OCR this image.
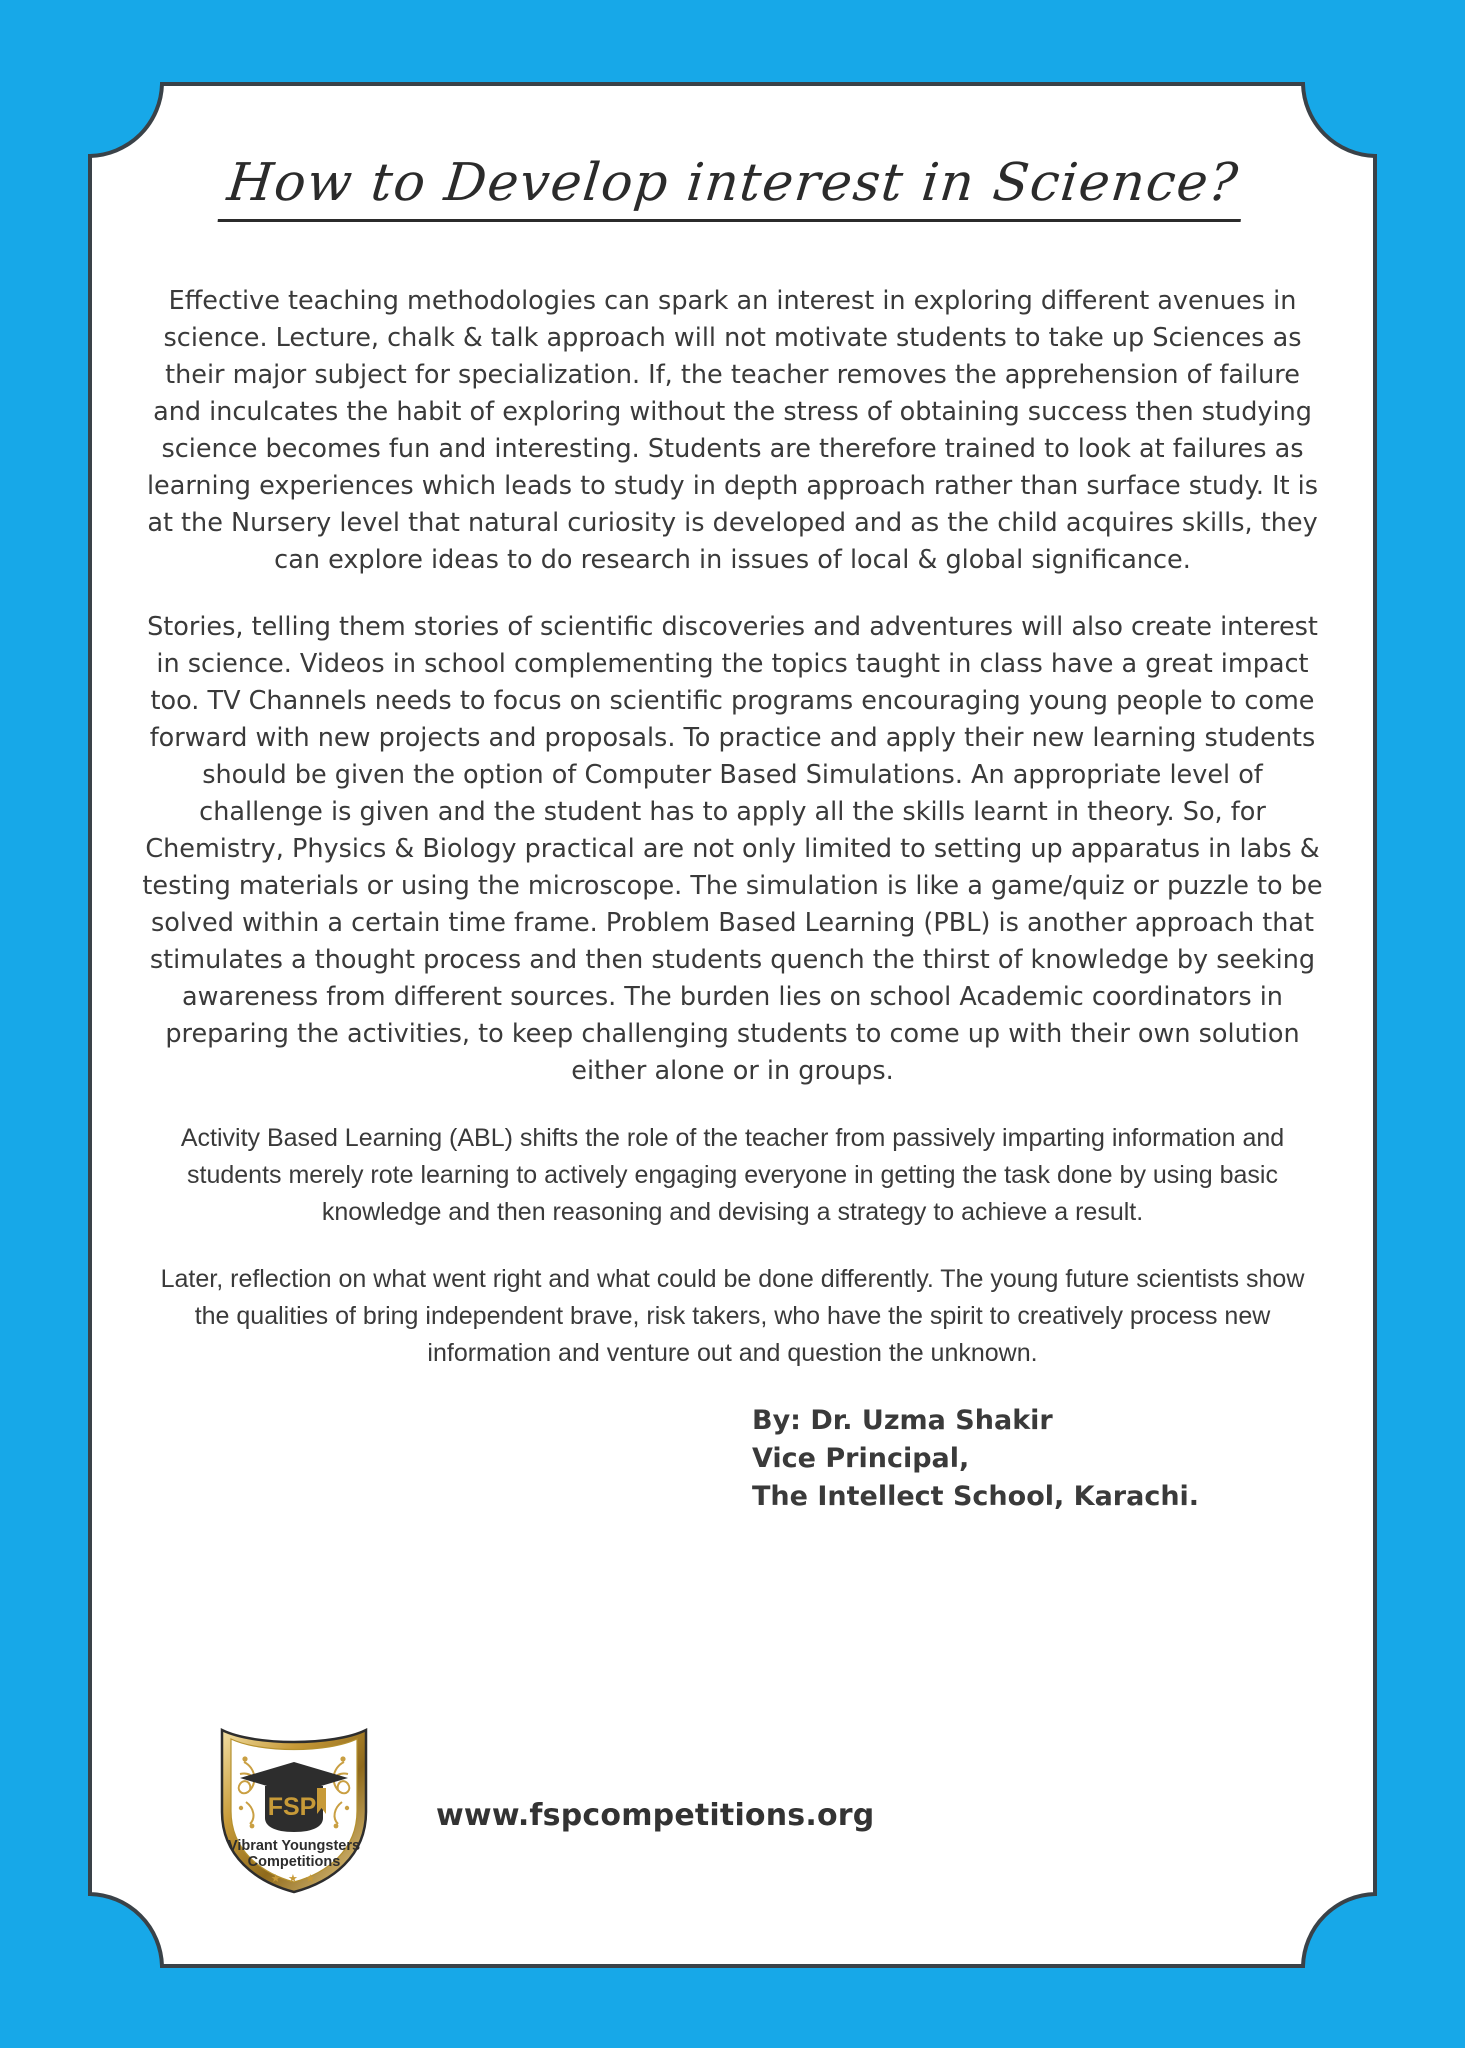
How to Develop interest in Science?

Effective teaching methodologies can spark an interest in exploring different avenues in science. Lecture, chalk & talk approach will not motivate students to take up Sciences as their major subject for specialization. If, the teacher removes the apprehension of failure and inculcates the habit of exploring without the stress of obtaining success then studying science becomes fun and interesting. Students are therefore trained to look at failures as learning experiences which leads to study in depth approach rather than surface study. It is at the Nursery level that natural curiosity is developed and as the child acquires skills, they can explore ideas to do research in issues of local & global significance.

Stories, telling them stories of scientific discoveries and adventures will also create interest in science. Videos in school complementing the topics taught in class have a great impact too. TV Channels needs to focus on scientific programs encouraging young people to come forward with new projects and proposals. To practice and apply their new learning students should be given the option of Computer Based Simulations. An appropriate level of challenge is given and the student has to apply all the skills learnt in theory. So, for Chemistry, Physics & Biology practical are not only limited to setting up apparatus in labs & testing materials or using the microscope. The simulation is like a game/quiz or puzzle to be solved within a certain time frame. Problem Based Learning (PBL) is another approach that stimulates a thought process and then students quench the thirst of knowledge by seeking awareness from different sources. The burden lies on school Academic coordinators in preparing the activities, to keep challenging students to come up with their own solution either alone or in groups.

Activity Based Learning (ABL) shifts the role of the teacher from passively imparting information and students merely rote learning to actively engaging everyone in getting the task done by using basic knowledge and then reasoning and devising a strategy to achieve a result.

Later, reflection on what went right and what could be done differently. The young future scientists show the qualities of bring independent brave, risk takers, who have the spirit to creatively process new information and venture out and question the unknown.

By: Dr. Uzma Shakir
Vice Principal,
The Intellect School, Karachi.
FSP
Vibrant Youngsters
Competitions
★ ★ ★
www.fspcompetitions.org
